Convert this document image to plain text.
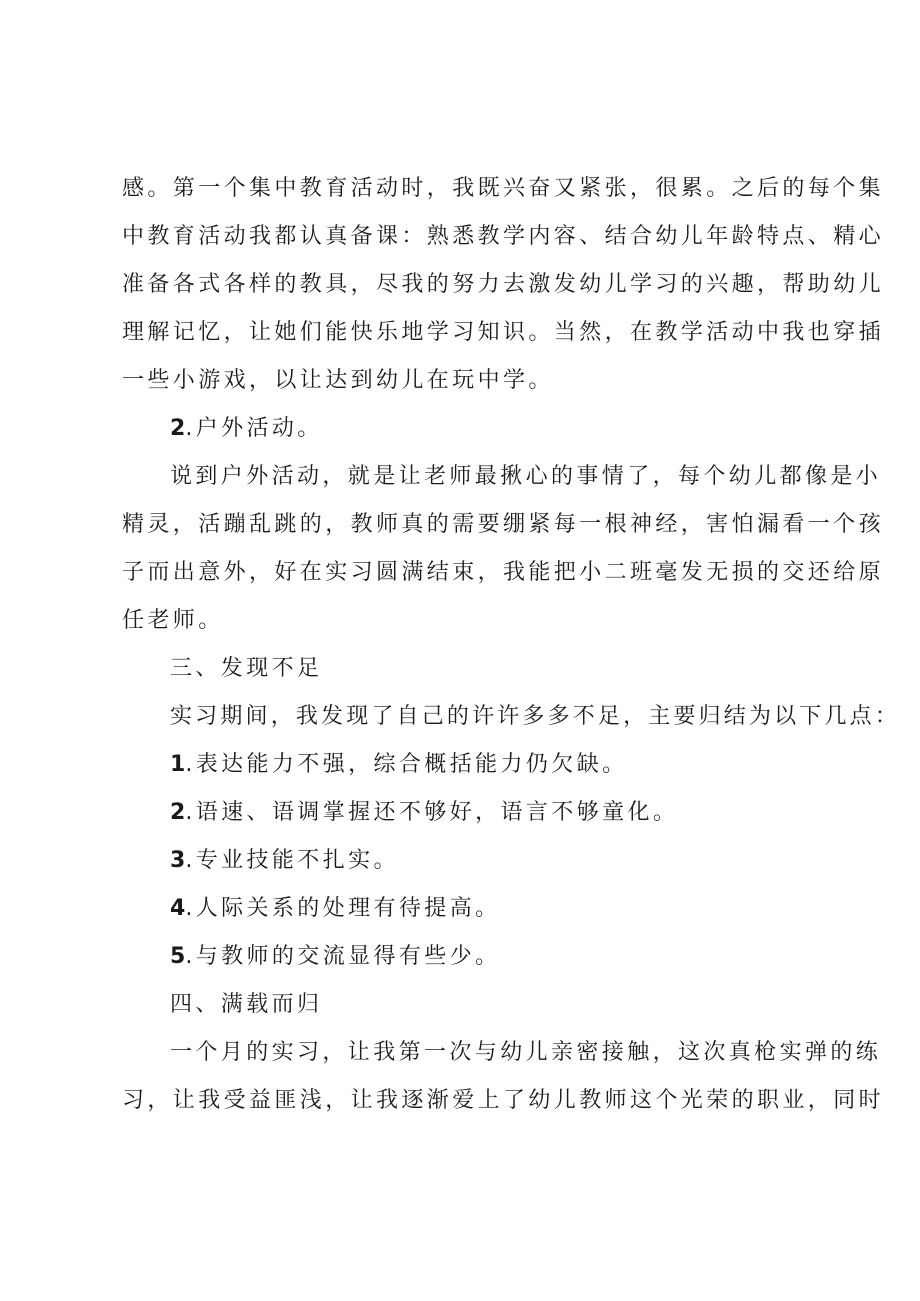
感。第一个集中教育活动时，我既兴奋又紧张，很累。之后的每个集
中教育活动我都认真备课：熟悉教学内容、结合幼儿年龄特点、精心
准备各式各样的教具，尽我的努力去激发幼儿学习的兴趣，帮助幼儿
理解记忆，让她们能快乐地学习知识。当然，在教学活动中我也穿插
一些小游戏，以让达到幼儿在玩中学。
2.户外活动。
说到户外活动，就是让老师最揪心的事情了，每个幼儿都像是小
精灵，活蹦乱跳的，教师真的需要绷紧每一根神经，害怕漏看一个孩
子而出意外，好在实习圆满结束，我能把小二班毫发无损的交还给原
任老师。
三、发现不足
实习期间，我发现了自己的许许多多不足，主要归结为以下几点：
1.表达能力不强，综合概括能力仍欠缺。
2.语速、语调掌握还不够好，语言不够童化。
3.专业技能不扎实。
4.人际关系的处理有待提高。
5.与教师的交流显得有些少。
四、满载而归
一个月的实习，让我第一次与幼儿亲密接触，这次真枪实弹的练
习，让我受益匪浅，让我逐渐爱上了幼儿教师这个光荣的职业，同时
